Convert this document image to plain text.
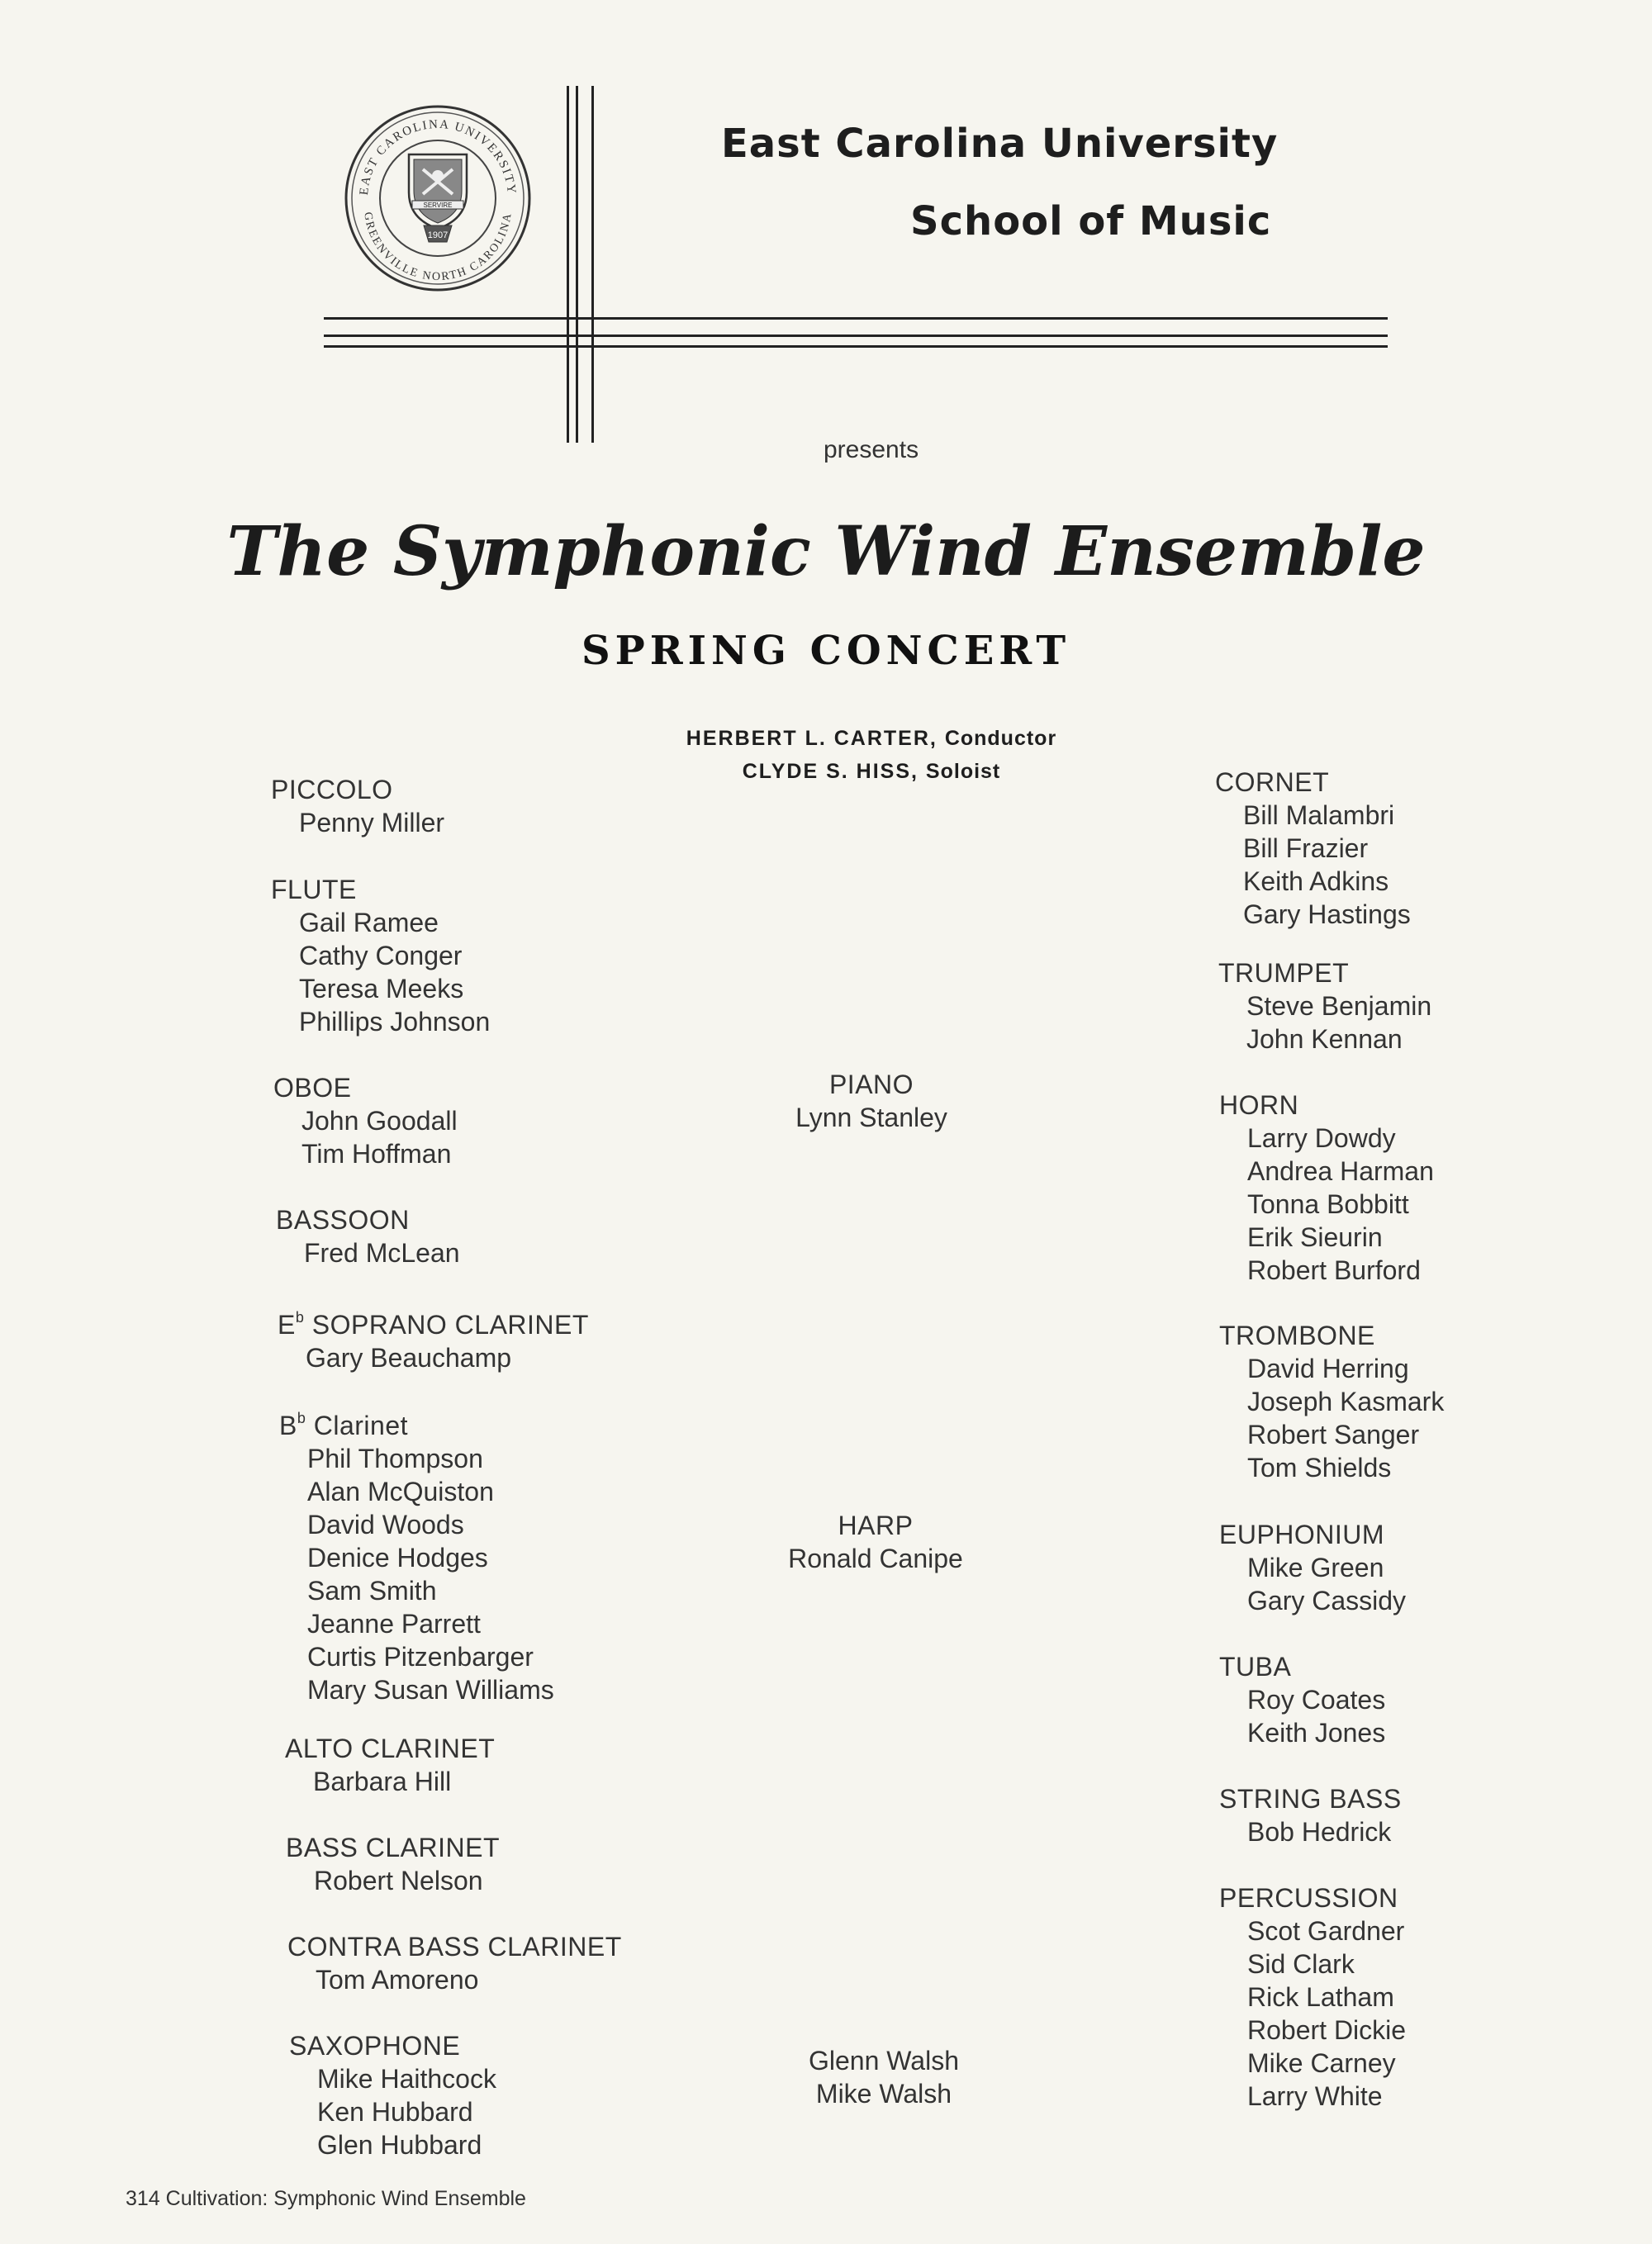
EAST CAROLINA UNIVERSITY
GREENVILLE NORTH CAROLINA
SERVIRE
1907
East Carolina University
School of Music
presents
The Symphonic Wind Ensemble
SPRING CONCERT
HERBERT L. CARTER, Conductor
CLYDE S. HISS, Soloist
PICCOLO
Penny Miller
FLUTE
Gail Ramee
Cathy Conger
Teresa Meeks
Phillips Johnson
OBOE
John Goodall
Tim Hoffman
BASSOON
Fred McLean
$E^b$ SOPRANO CLARINET
Gary Beauchamp
$B^b$ Clarinet
Phil Thompson
Alan McQuiston
David Woods
Denice Hodges
Sam Smith
Jeanne Parrett
Curtis Pitzenbarger
Mary Susan Williams
ALTO CLARINET
Barbara Hill
BASS CLARINET
Robert Nelson
CONTRA BASS CLARINET
Tom Amoreno
SAXOPHONE
Mike Haithcock
Ken Hubbard
Glen Hubbard
PIANO
Lynn Stanley
HARP
Ronald Canipe
Glenn Walsh
Mike Walsh
CORNET
Bill Malambri
Bill Frazier
Keith Adkins
Gary Hastings
TRUMPET
Steve Benjamin
John Kennan
HORN
Larry Dowdy
Andrea Harman
Tonna Bobbitt
Erik Sieurin
Robert Burford
TROMBONE
David Herring
Joseph Kasmark
Robert Sanger
Tom Shields
EUPHONIUM
Mike Green
Gary Cassidy
TUBA
Roy Coates
Keith Jones
STRING BASS
Bob Hedrick
PERCUSSION
Scot Gardner
Sid Clark
Rick Latham
Robert Dickie
Mike Carney
Larry White
314 Cultivation: Symphonic Wind Ensemble
